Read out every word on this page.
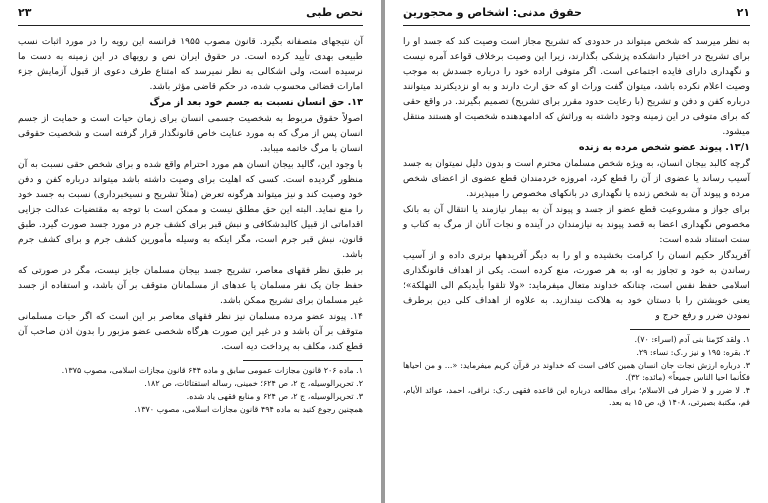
۲۳	نحص طبی

آن نتیجهای متصفانه بگیرد. قانون مصوب ۱۹۵۵ فرانسه این رویه را در مورد اثبات نسب طبیعی بهدی تأیید کرده است. در حقوق ایران نص و رویهای در این زمینه به دست ما نرسیده است، ولی اشکالی به نظر نمیرسد که امتناع طرف دعوی از قبول آزمایش جزء امارات قضائی محسوب شده، در حکم قاضی مؤثر باشد.

۱۳. حق انسان نسبت به جسم خود بعد از مرگ

اصولاً حقوق مربوط به شخصیت جسمی انسان برای زمان حیات است و حمایت از جسم انسان پس از مرگ که به مورد عنایت خاص قانونگذار قرار گرفته است و شخصیت حقوقی انسان با مرگ خاتمه میبابد.

با وجود این، گالید بیجان انسان هم مورد احترام واقع شده و برای شخص حقی نسبت به آن منظور گردیده است. کسی که اهلیت برای وصیت داشته باشد میتواند درباره کفن و دفن خود وصیت کند و نیز میتواند هرگونه تعرض (مثلاً تشریح و نسیخبرداری) نسبت به جسد خود را منع نماید. البته این حق مطلق نیست و ممکن است با توجه به مقتضیات عدالت جزایی اقداماتی از قبیل کالبدشکافی و نبش قبر برای کشف جرم در مورد جسد صورت گیرد. طبق قانون، نبش قبر جرم است، مگر اینکه به وسیله مأمورین کشف جرم و برای کشف جرم باشد.

بر طبق نظر فقهای معاصر، تشریح جسد بیجان مسلمان جایز نیست، مگر در صورتی که حفظ جان یک نفر مسلمان یا عدهای از مسلمانان متوقف بر آن باشد، و استفاده از جسد غیر مسلمان برای تشریح ممکن باشد.

۱۴. پیوند عضو مرده مسلمان نیز نظر فقهای معاصر بر این است که اگر حیات مسلمانی متوقف بر آن باشد و در غیر این صورت هرگاه شخصی عضو مزبور را بدون اذن صاحب آن قطع کند، مکلف به پرداخت دیه است.

۱. ماده ۲۰۶ قانون مجازات عمومی سابق و ماده ۶۴۴ قانون مجازات اسلامی، مصوب ۱۳۷۵.

۲. تحریرالوسیله، ج ۲، ص ۶۲۴؛ خمینی، رساله استفتائات، ص ۱۸۲.

۳. تحریرالوسیله، ج ۲، ص ۶۲۴ و منابع فقهی یاد شده.

همچنین رجوع کنید به ماده ۴۹۴ قانون مجازات اسلامی، مصوب ۱۳۷۰.

۲۱
حقوق مدنی: اشخاص و محجورین

به نظر میرسد که شخص میتواند در حدودی که تشریح مجاز است وصیت کند که جسد او را برای تشریح در اختیار دانشکده پزشکی بگذارند، زیرا این وصیت برخلاف قواعد آمره نیست و نگهداری دارای فایده اجتماعی است. اگر متوفی اراده خود را درباره جسدش به موجب وصیت اعلام نکرده باشد، میتوان گفت وراث او که حق ارث دارند و به او نزدیکترند میتوانند درباره کفن و دفن و تشریح (با رعایت حدود مقرر برای تشریح) تصمیم بگیرند. در واقع حقی که برای متوفی در این زمینه وجود داشته به وراثش که ادامهدهنده شخصیت او هستند منتقل میشود.

۱۳/۱. پیوند عضو شخص مرده به زنده

گرچه کالبد بیجان انسان، به ویژه شخص مسلمان محترم است و بدون دلیل نمیتوان به جسد آسیب رساند یا عضوی از آن را قطع کرد، امروزه خردمندان قطع عضوی از اعضای شخص مرده و پیوند آن به شخص زنده یا نگهداری در بانکهای مخصوص را میپذیرند.

برای جواز و مشروعیت قطع عضو از جسد و پیوند آن به بیمار نیازمند یا انتقال آن به بانک مخصوص نگهداری اعضا به قصد پیوند به نیازمندان در آینده و نجات آنان از مرگ به کتاب و سنت استناد شده است:

آفریدگار حکیم انسان را کرامت بخشیده و او را به دیگر آفریدهها برتری داده و از آسیب رساندن به خود و تجاوز به او، به هر صورت، منع کرده است. یکی از اهداف قانونگذاری اسلامی حفظ نفس است، چنانکه خداوند متعال میفرماید: «ولا تلقوا بأیدیکم الی التهلکة»؛ یعنی خویشتن را با دستان خود به هلاکت نیندازید. به علاوه از اهداف کلی دین برطرف نمودن ضرر و رفع حرج و

۱. ولقد کرّمنا بنی آدم (اسراء: ۷۰).

۲. بقره: ۱۹۵ و نیز ر.ک: نساء: ۲۹.

۳. درباره ارزش نجات جان انسان همین کافی است که خداوند در قرآن کریم میفرماید: «... و من احیاها فکأنما احیا الناس جمیعاً» (مائده: ۳۲).

۴. لا ضرر و لا ضرار فی الاسلام؛ برای مطالعه درباره این قاعده فقهی ر.ک: نراقی، احمد، عوائد الأیام، قم، مکتبة بصیرتی، ۱۴۰۸ ق، ص ۱۵ به بعد.
